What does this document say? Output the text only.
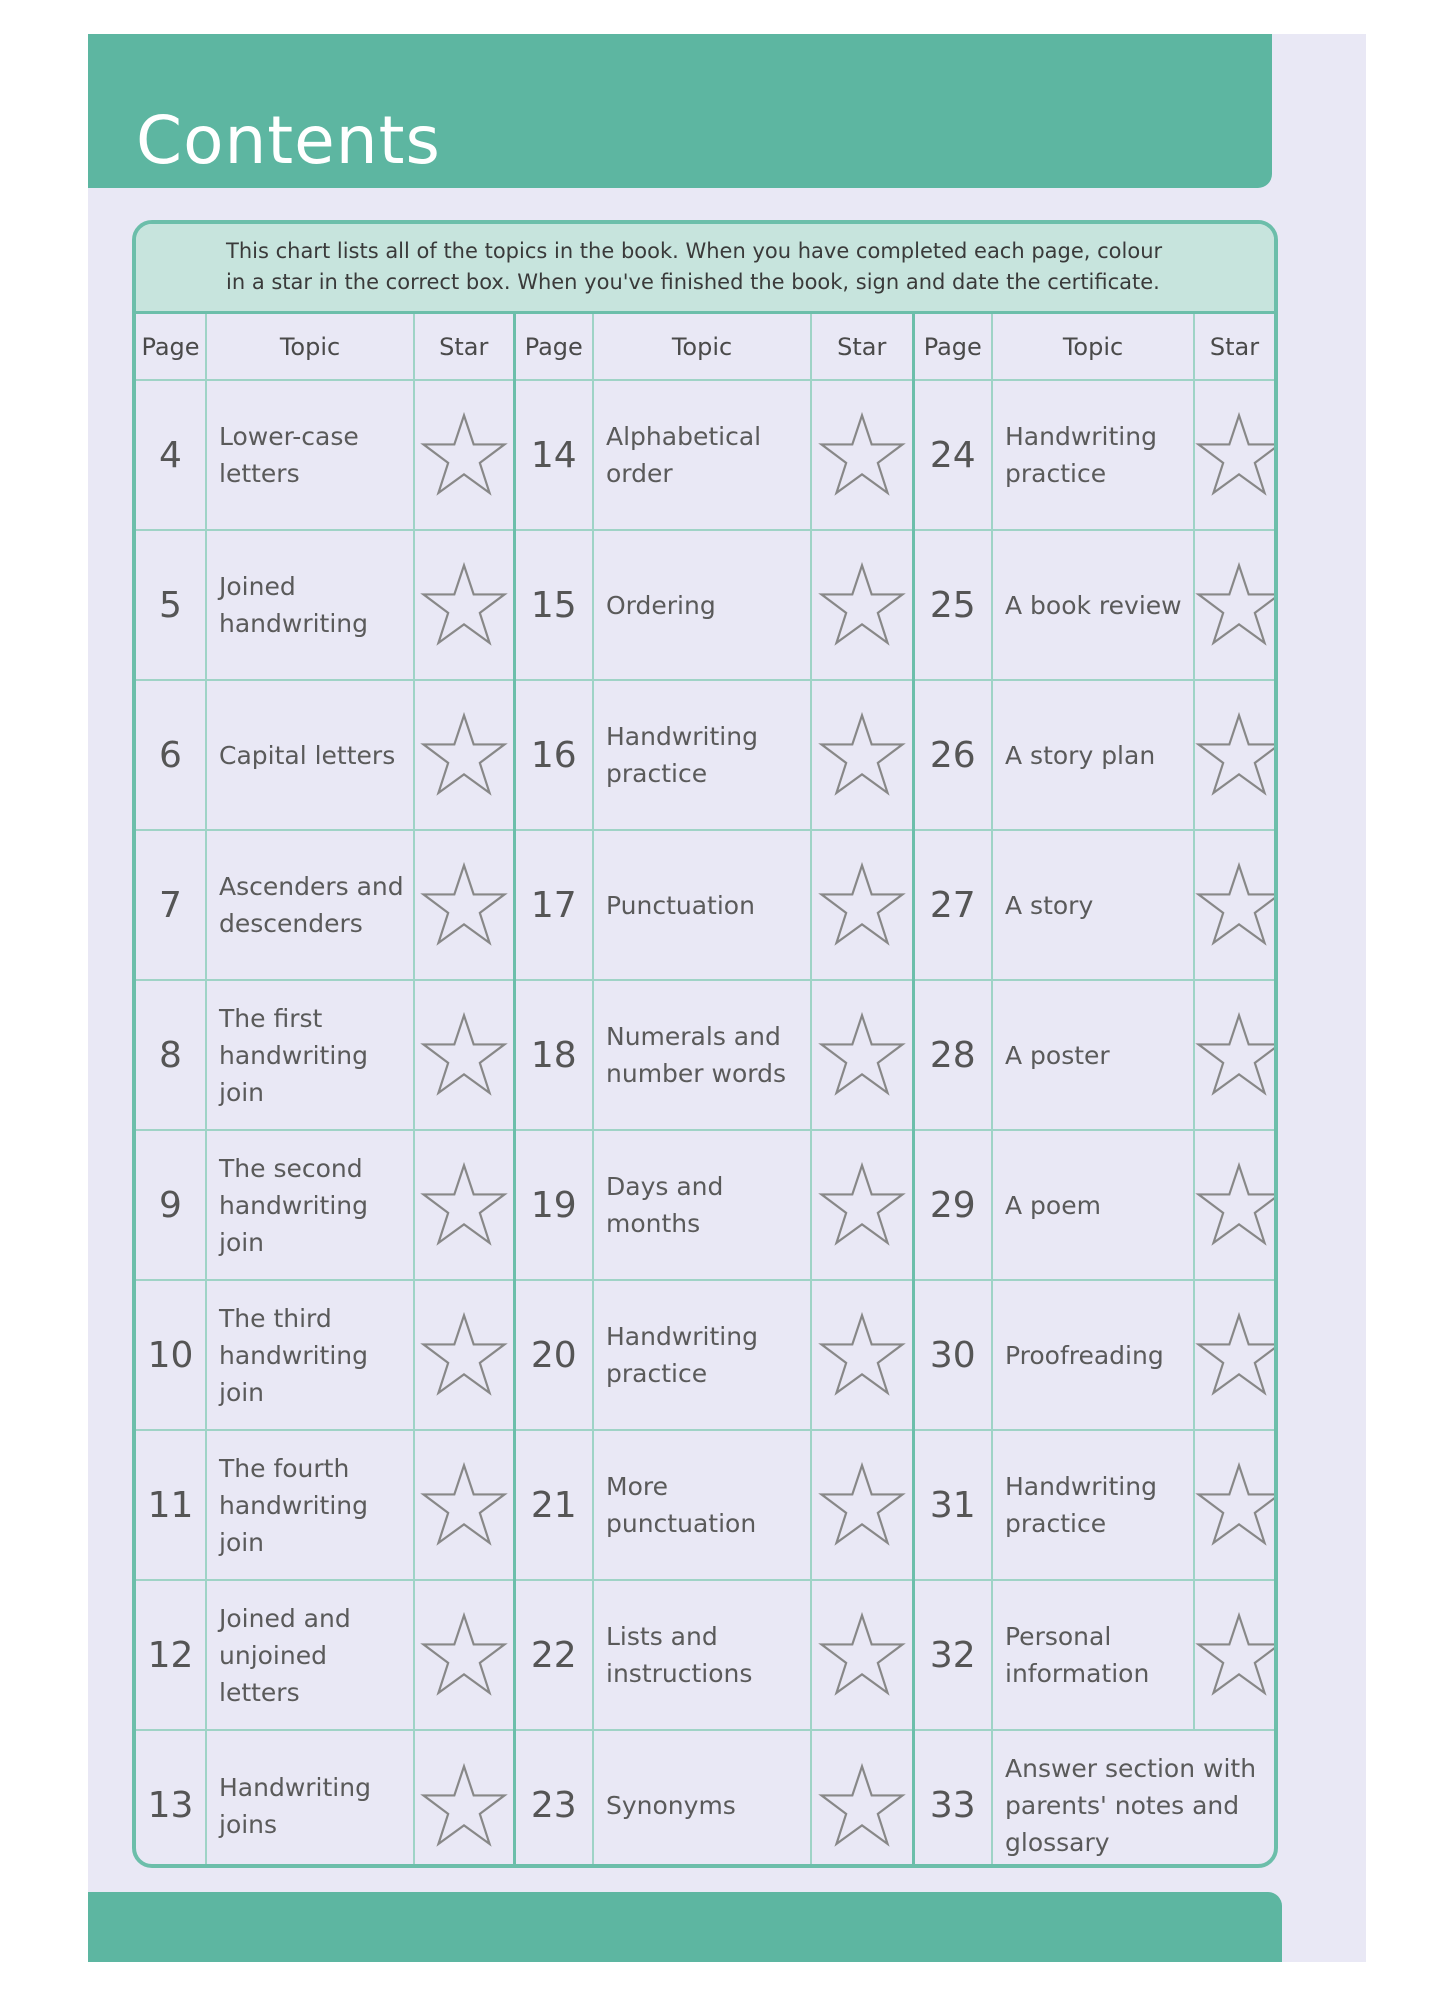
Contents
This chart lists all of the topics in the book. When you have completed each page, colour
in a star in the correct box. When you've finished the book, sign and date the certificate.
Page	Topic	Star	Page	Topic	Star	Page	Topic	Star
4	Lower-case letters		14	Alphabetical order		24	Handwriting practice	
5	Joined handwriting		15	Ordering		25	A book review	
6	Capital letters		16	Handwriting practice		26	A story plan	
7	Ascenders and descenders		17	Punctuation		27	A story	
8	The first handwriting join		18	Numerals and number words		28	A poster	
9	The second handwriting join		19	Days and months		29	A poem	
10	The third handwriting join		20	Handwriting practice		30	Proofreading	
11	The fourth handwriting join		21	More punctuation		31	Handwriting practice	
12	Joined and unjoined letters		22	Lists and instructions		32	Personal information	
13	Handwriting joins		23	Synonyms		33	Answer section with parents' notes and glossary	
